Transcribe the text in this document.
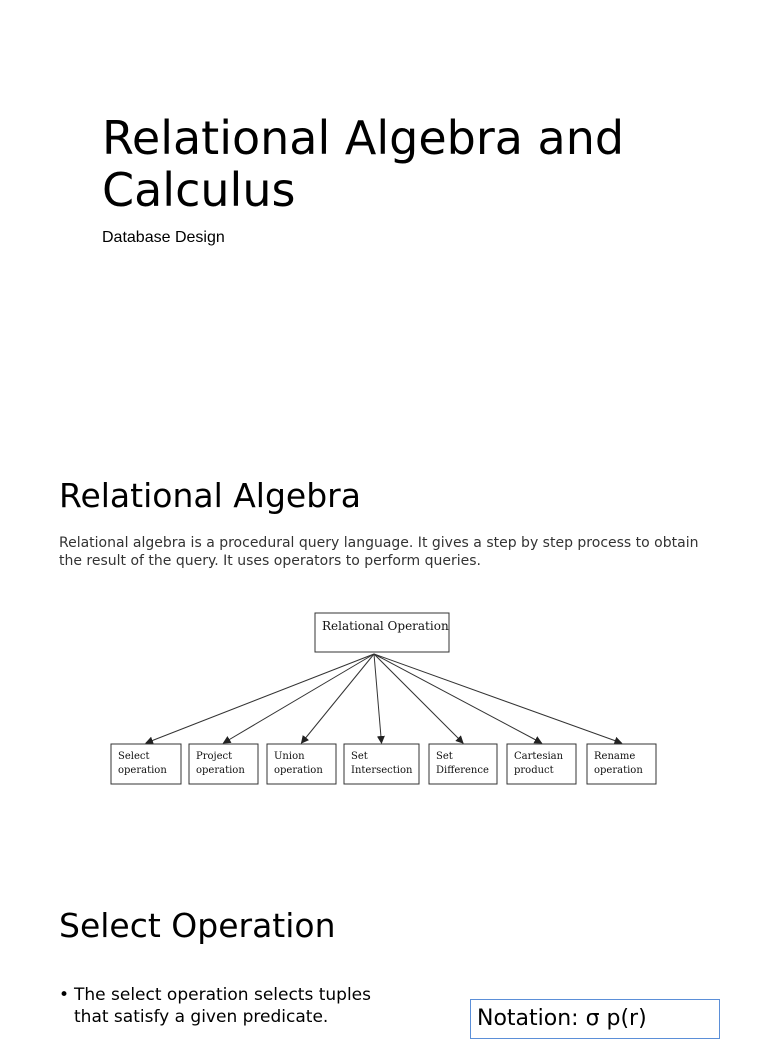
Relational Algebra and Calculus
Database Design
Relational Algebra
Relational algebra is a procedural query language. It gives a step by step process to obtain the result of the query. It uses operators to perform queries.
Relational Operation
Select
operation
Project
operation
Union
operation
Set
Intersection
Set
Difference
Cartesian
product
Rename
operation
Select Operation
• The select operation selects tuples that satisfy a given predicate.	Notation: σ p(r)
